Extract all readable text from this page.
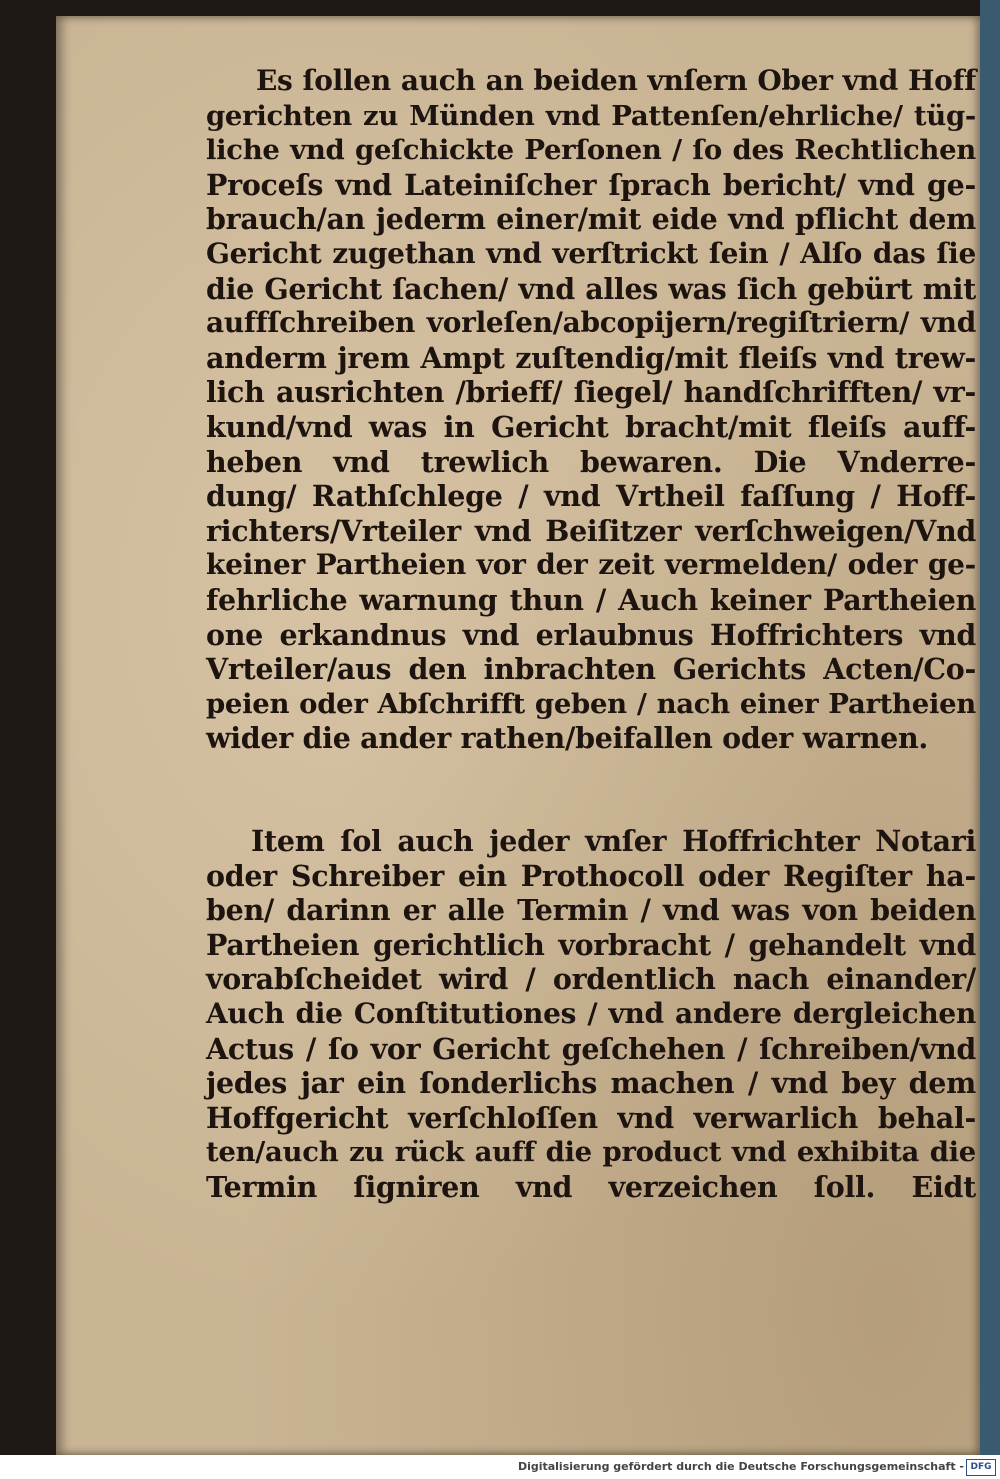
Es ſollen auch an beiden vnſern Ober vnd Hoff
gerichten zu Münden vnd Pattenſen/ehrliche/ tüg-
liche vnd geſchickte Perſonen / ſo des Rechtlichen
Proceſs vnd Lateiniſcher ſprach bericht/ vnd ge-
brauch/an jederm einer/mit eide vnd pflicht dem
Gericht zugethan vnd verſtrickt ſein / Alſo das ſie
die Gericht ſachen/ vnd alles was ſich gebürt mit
auffſchreiben vorleſen/abcopijern/regiſtriern/ vnd
anderm jrem Ampt zuſtendig/mit fleiſs vnd trew-
lich ausrichten /brieff/ ſiegel/ handſchrifften/ vr-
kund/vnd was in Gericht bracht/mit fleiſs auff-
heben vnd trewlich bewaren. Die Vnderre-
dung/ Rathſchlege / vnd Vrtheil faſſung / Hoff-
richters/Vrteiler vnd Beiſitzer verſchweigen/Vnd
keiner Partheien vor der zeit vermelden/ oder ge-
fehrliche warnung thun / Auch keiner Partheien
one erkandnus vnd erlaubnus Hoffrichters vnd
Vrteiler/aus den inbrachten Gerichts Acten/Co-
peien oder Abſchrifft geben / nach einer Partheien
wider die ander rathen/beifallen oder warnen.
Item ſol auch jeder vnſer Hoffrichter Notari
oder Schreiber ein Prothocoll oder Regiſter ha-
ben/ darinn er alle Termin / vnd was von beiden
Partheien gerichtlich vorbracht / gehandelt vnd
vorabſcheidet wird / ordentlich nach einander/
Auch die Conſtitutiones / vnd andere dergleichen
Actus / ſo vor Gericht geſchehen / ſchreiben/vnd
jedes jar ein ſonderlichs machen / vnd bey dem
Hoffgericht verſchloſſen vnd verwarlich behal-
ten/auch zu rück auff die product vnd exhibita die
Termin ſigniren vnd verzeichen ſoll. Eidt
Digitalisierung gefördert durch die Deutsche Forschungsgemeinschaft - DFG
